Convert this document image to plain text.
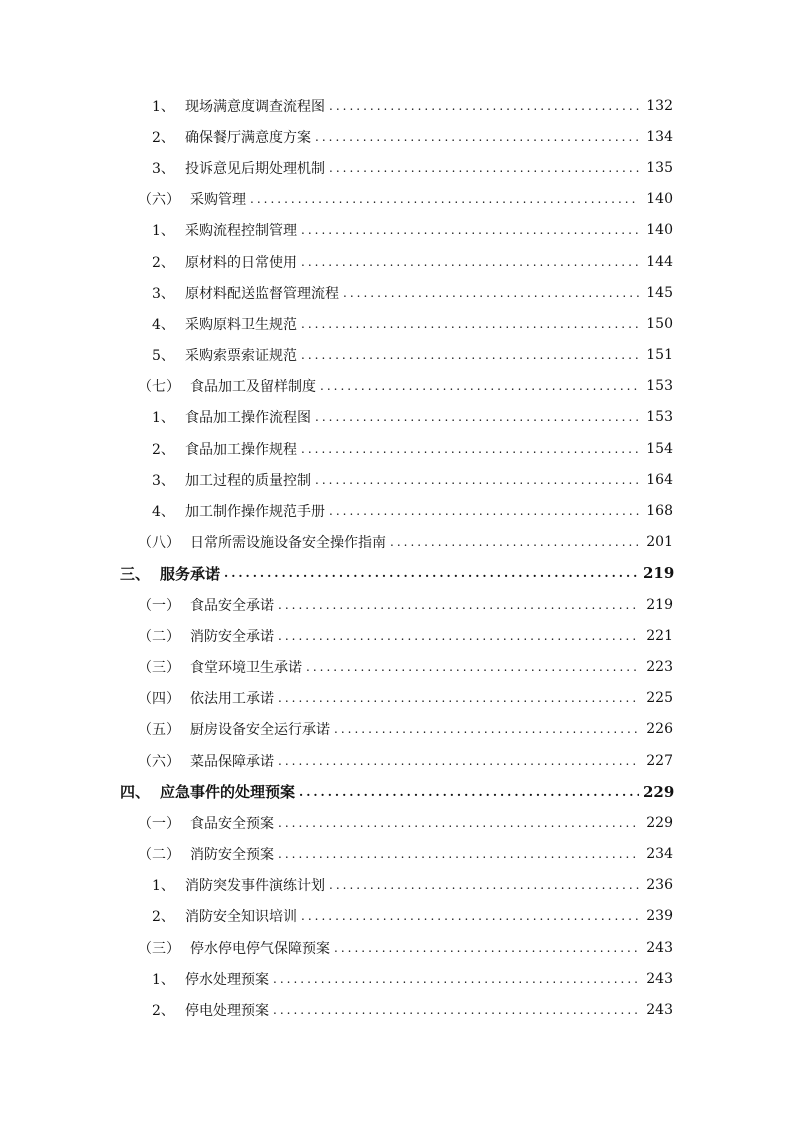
1、 现场满意度调查流程图 .....	132
2、 确保餐厅满意度方案 .....	134
3、 投诉意见后期处理机制 .....	135
（六） 采购管理 .....	140
1、 采购流程控制管理 .....	140
2、 原材料的日常使用 .....	144
3、 原材料配送监督管理流程 .....	145
4、 采购原料卫生规范 .....	150
5、 采购索票索证规范 .....	151
（七） 食品加工及留样制度 .....	153
1、 食品加工操作流程图 .....	153
2、 食品加工操作规程 .....	154
3、 加工过程的质量控制 .....	164
4、 加工制作操作规范手册 .....	168
（八） 日常所需设施设备安全操作指南 .....	201
三、 服务承诺 .....	219
（一） 食品安全承诺 .....	219
（二） 消防安全承诺 .....	221
（三） 食堂环境卫生承诺 .....	223
（四） 依法用工承诺 .....	225
（五） 厨房设备安全运行承诺 .....	226
（六） 菜品保障承诺 .....	227
四、 应急事件的处理预案 .....	229
（一） 食品安全预案 .....	229
（二） 消防安全预案 .....	234
1、 消防突发事件演练计划 .....	236
2、 消防安全知识培训 .....	239
（三） 停水停电停气保障预案 .....	243
1、 停水处理预案 .....	243
2、 停电处理预案 .....	243
